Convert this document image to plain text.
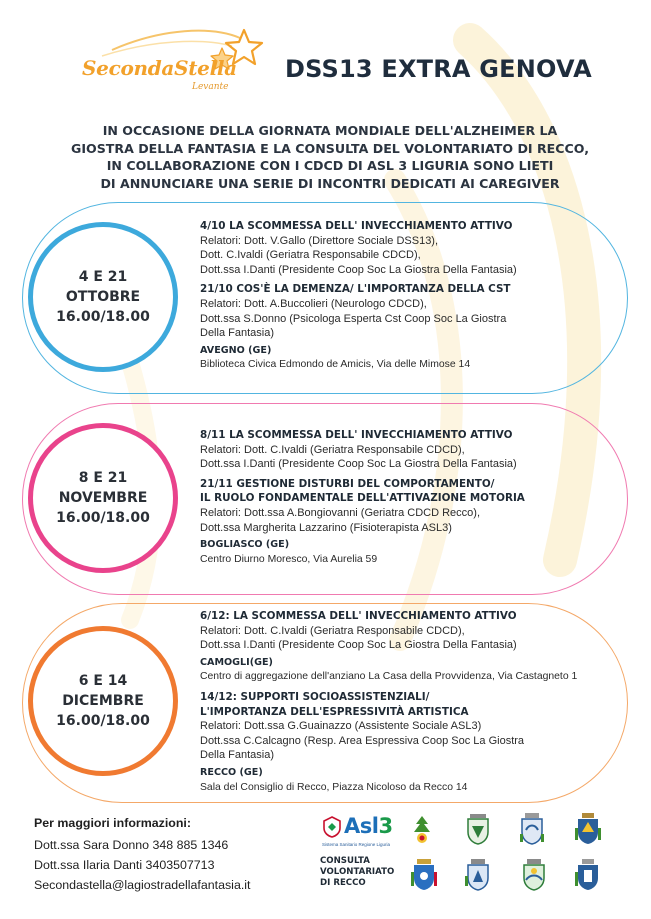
SecondaStella
Levante
DSS13 EXTRA GENOVA
IN OCCASIONE DELLA GIORNATA MONDIALE DELL'ALZHEIMER LA
GIOSTRA DELLA FANTASIA E LA CONSULTA DEL VOLONTARIATO DI RECCO,
IN COLLABORAZIONE CON I CDCD DI ASL 3 LIGURIA SONO LIETI
DI ANNUNCIARE UNA SERIE DI INCONTRI DEDICATI AI CAREGIVER
4 E 21
OTTOBRE
16.00/18.00
4/10 LA SCOMMESSA DELL' INVECCHIAMENTO ATTIVO
Relatori: Dott. V.Gallo (Direttore Sociale DSS13),
Dott. C.Ivaldi (Geriatra Responsabile CDCD),
Dott.ssa I.Danti (Presidente Coop Soc La Giostra Della Fantasia)
21/10 COS'È LA DEMENZA/ L'IMPORTANZA DELLA CST
Relatori: Dott. A.Buccolieri (Neurologo CDCD),
Dott.ssa S.Donno (Psicologa Esperta Cst Coop Soc La Giostra
Della Fantasia)
AVEGNO (GE)
Biblioteca Civica Edmondo de Amicis, Via delle Mimose 14
8 E 21
NOVEMBRE
16.00/18.00
8/11 LA SCOMMESSA DELL' INVECCHIAMENTO ATTIVO
Relatori: Dott. C.Ivaldi (Geriatra Responsabile CDCD),
Dott.ssa I.Danti (Presidente Coop Soc La Giostra Della Fantasia)
21/11 GESTIONE DISTURBI DEL COMPORTAMENTO/
IL RUOLO FONDAMENTALE DELL'ATTIVAZIONE MOTORIA
Relatori: Dott.ssa A.Bongiovanni (Geriatra CDCD Recco),
Dott.ssa Margherita Lazzarino (Fisioterapista ASL3)
BOGLIASCO (GE)
Centro Diurno Moresco, Via Aurelia 59
6 E 14
DICEMBRE
16.00/18.00
6/12: LA SCOMMESSA DELL' INVECCHIAMENTO ATTIVO
Relatori: Dott. C.Ivaldi (Geriatra Responsabile CDCD),
Dott.ssa I.Danti (Presidente Coop Soc La Giostra Della Fantasia)
CAMOGLI(GE)
Centro di aggregazione dell'anziano La Casa della Provvidenza, Via Castagneto 1
14/12: SUPPORTI SOCIOASSISTENZIALI/
L'IMPORTANZA DELL'ESPRESSIVITÀ ARTISTICA
Relatori: Dott.ssa G.Guainazzo (Assistente Sociale ASL3)
Dott.ssa C.Calcagno (Resp. Area Espressiva Coop Soc La Giostra
Della Fantasia)
RECCO (GE)
Sala del Consiglio di Recco, Piazza Nicoloso da Recco 14
Per maggiori informazioni:
Dott.ssa Sara Donno 348 885 1346
Dott.ssa Ilaria Danti 3403507713
Secondastella@lagiostradellafantasia.it
Asl3
Sistema Sanitario Regione Liguria
CONSULTA
VOLONTARIATO
DI RECCO
